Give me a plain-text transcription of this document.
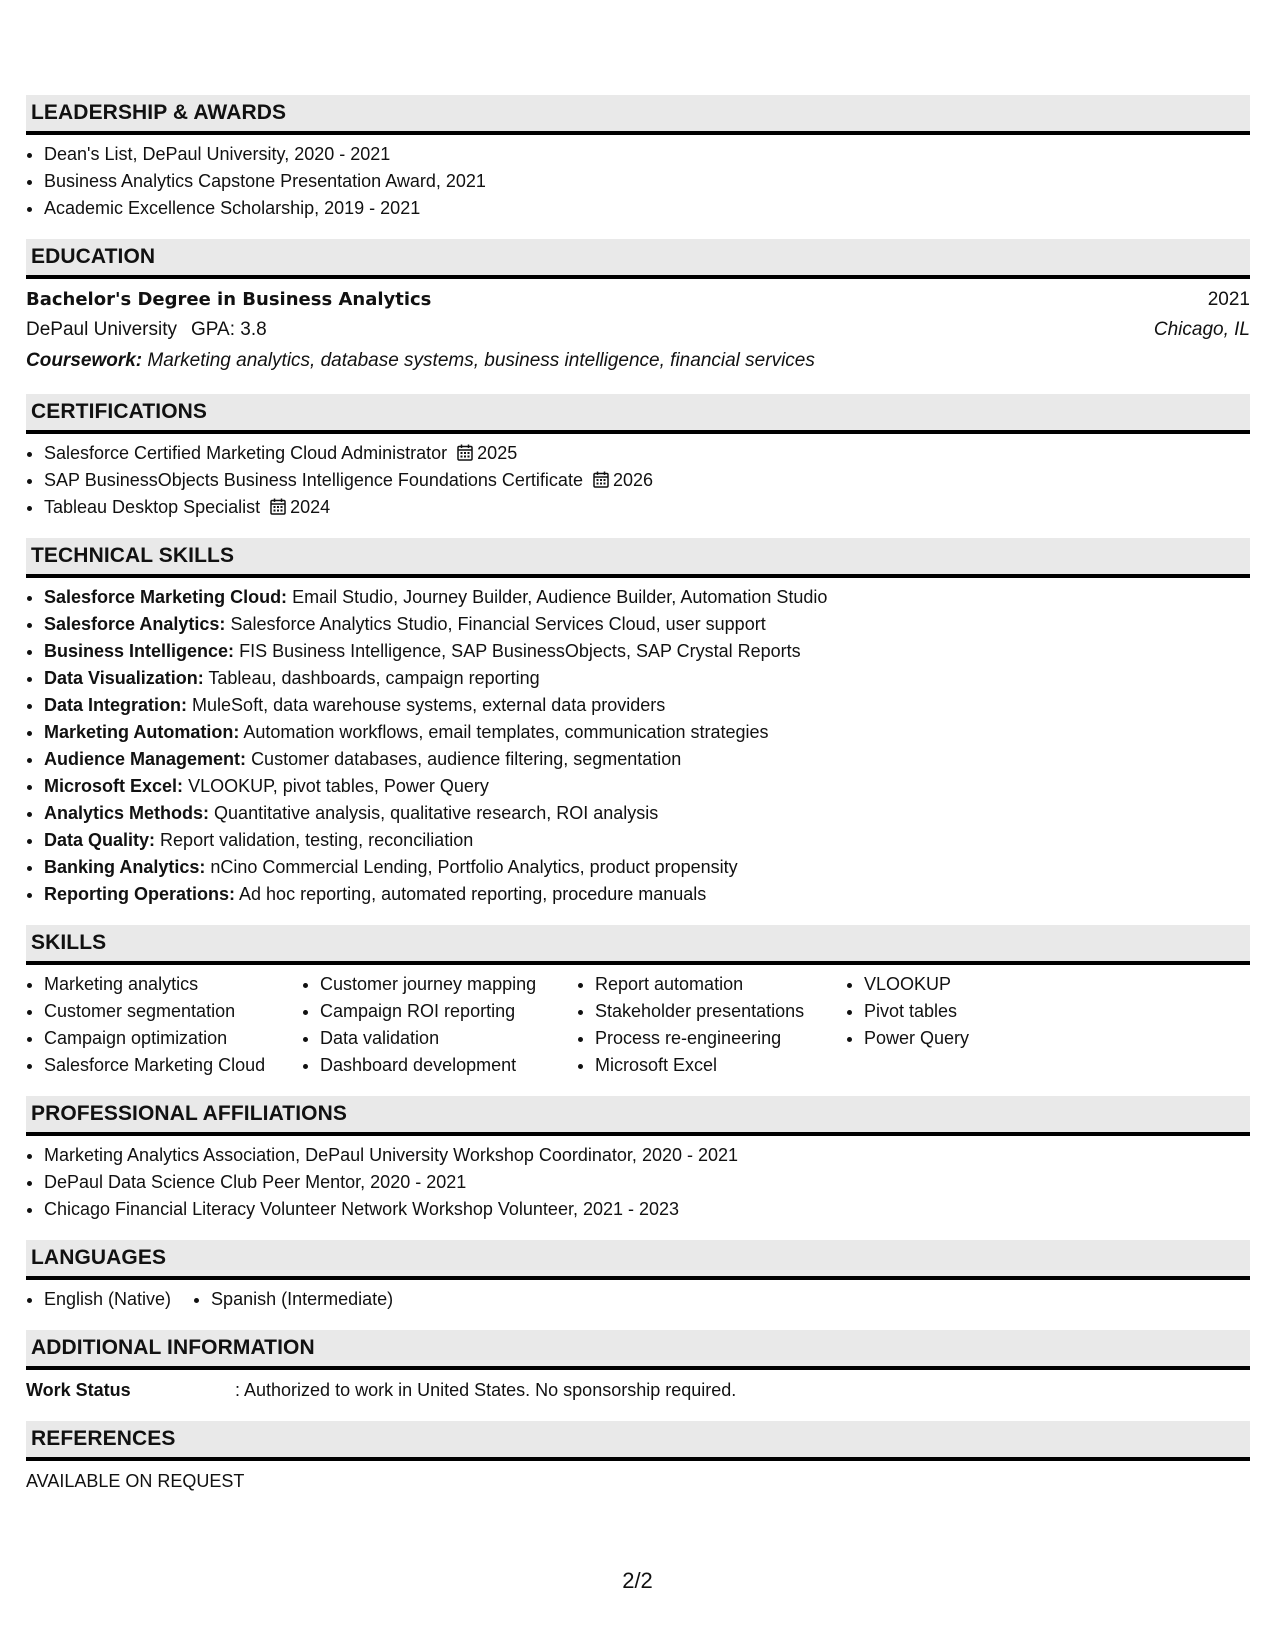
LEADERSHIP & AWARDS
• Dean's List, DePaul University, 2020 - 2021
• Business Analytics Capstone Presentation Award, 2021
• Academic Excellence Scholarship, 2019 - 2021
EDUCATION
Bachelor's Degree in Business Analytics	2021
DePaul University GPA: 3.8	Chicago, IL
Coursework: Marketing analytics, database systems, business intelligence, financial services
CERTIFICATIONS
• Salesforce Certified Marketing Cloud Administrator 2025
• SAP BusinessObjects Business Intelligence Foundations Certificate 2026
• Tableau Desktop Specialist 2024
TECHNICAL SKILLS
• Salesforce Marketing Cloud: Email Studio, Journey Builder, Audience Builder, Automation Studio
• Salesforce Analytics: Salesforce Analytics Studio, Financial Services Cloud, user support
• Business Intelligence: FIS Business Intelligence, SAP BusinessObjects, SAP Crystal Reports
• Data Visualization: Tableau, dashboards, campaign reporting
• Data Integration: MuleSoft, data warehouse systems, external data providers
• Marketing Automation: Automation workflows, email templates, communication strategies
• Audience Management: Customer databases, audience filtering, segmentation
• Microsoft Excel: VLOOKUP, pivot tables, Power Query
• Analytics Methods: Quantitative analysis, qualitative research, ROI analysis
• Data Quality: Report validation, testing, reconciliation
• Banking Analytics: nCino Commercial Lending, Portfolio Analytics, product propensity
• Reporting Operations: Ad hoc reporting, automated reporting, procedure manuals
SKILLS
• Marketing analytics
• Customer segmentation
• Campaign optimization
• Salesforce Marketing Cloud
• Customer journey mapping
• Campaign ROI reporting
• Data validation
• Dashboard development
• Report automation
• Stakeholder presentations
• Process re-engineering
• Microsoft Excel
• VLOOKUP
• Pivot tables
• Power Query
PROFESSIONAL AFFILIATIONS
• Marketing Analytics Association, DePaul University Workshop Coordinator, 2020 - 2021
• DePaul Data Science Club Peer Mentor, 2020 - 2021
• Chicago Financial Literacy Volunteer Network Workshop Volunteer, 2021 - 2023
LANGUAGES
• English (Native)
• Spanish (Intermediate)
ADDITIONAL INFORMATION
Work Status	: Authorized to work in United States. No sponsorship required.
REFERENCES
AVAILABLE ON REQUEST
2/2
